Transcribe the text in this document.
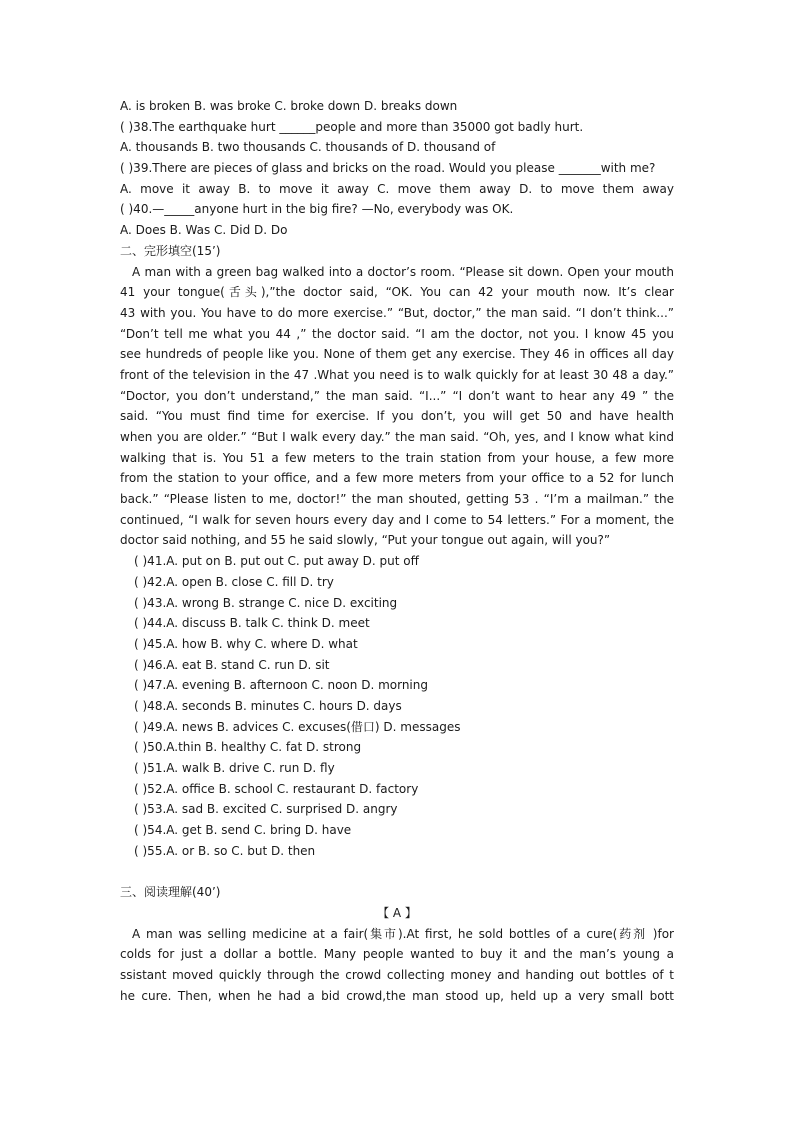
A. is broken B. was broke C. broke down D. breaks down
( )38.The earthquake hurt ______people and more than 35000 got badly hurt.
A. thousands B. two thousands C. thousands of D. thousand of
( )39.There are pieces of glass and bricks on the road. Would you please _______with me?
A. move it away B. to move it away C. move them away D. to move them away
( )40.—_____anyone hurt in the big fire? —No, everybody was OK.
A. Does B. Was C. Did D. Do
二、完形填空(15’)
A man with a green bag walked into a doctor’s room. “Please sit down. Open your mouth
41 your tongue(舌头),”the doctor said, “OK. You can 42 your mouth now. It’s clear
43 with you. You have to do more exercise.” “But, doctor,” the man said. “I don’t think...”
“Don’t tell me what you 44 ,” the doctor said. “I am the doctor, not you. I know 45 you
see hundreds of people like you. None of them get any exercise. They 46 in offices all day
front of the television in the 47 .What you need is to walk quickly for at least 30 48 a day.”
“Doctor, you don’t understand,” the man said. “I...” “I don’t want to hear any 49 ” the
said. “You must find time for exercise. If you don’t, you will get 50 and have health
when you are older.” “But I walk every day.” the man said. “Oh, yes, and I know what kind
walking that is. You 51 a few meters to the train station from your house, a few more
from the station to your office, and a few more meters from your office to a 52 for lunch
back.” “Please listen to me, doctor!” the man shouted, getting 53 . “I’m a mailman.” the
continued, “I walk for seven hours every day and I come to 54 letters.” For a moment, the
doctor said nothing, and 55 he said slowly, “Put your tongue out again, will you?”
( )41.A. put on B. put out C. put away D. put off
( )42.A. open B. close C. fill D. try
( )43.A. wrong B. strange C. nice D. exciting
( )44.A. discuss B. talk C. think D. meet
( )45.A. how B. why C. where D. what
( )46.A. eat B. stand C. run D. sit
( )47.A. evening B. afternoon C. noon D. morning
( )48.A. seconds B. minutes C. hours D. days
( )49.A. news B. advices C. excuses(借口) D. messages
( )50.A.thin B. healthy C. fat D. strong
( )51.A. walk B. drive C. run D. fly
( )52.A. office B. school C. restaurant D. factory
( )53.A. sad B. excited C. surprised D. angry
( )54.A. get B. send C. bring D. have
( )55.A. or B. so C. but D. then
三、阅读理解(40’)
【 A 】
A man was selling medicine at a fair(集市).At first, he sold bottles of a cure(药剂 )for
colds for just a dollar a bottle. Many people wanted to buy it and the man’s young a
ssistant moved quickly through the crowd collecting money and handing out bottles of t
he cure. Then, when he had a bid crowd,the man stood up, held up a very small bott
